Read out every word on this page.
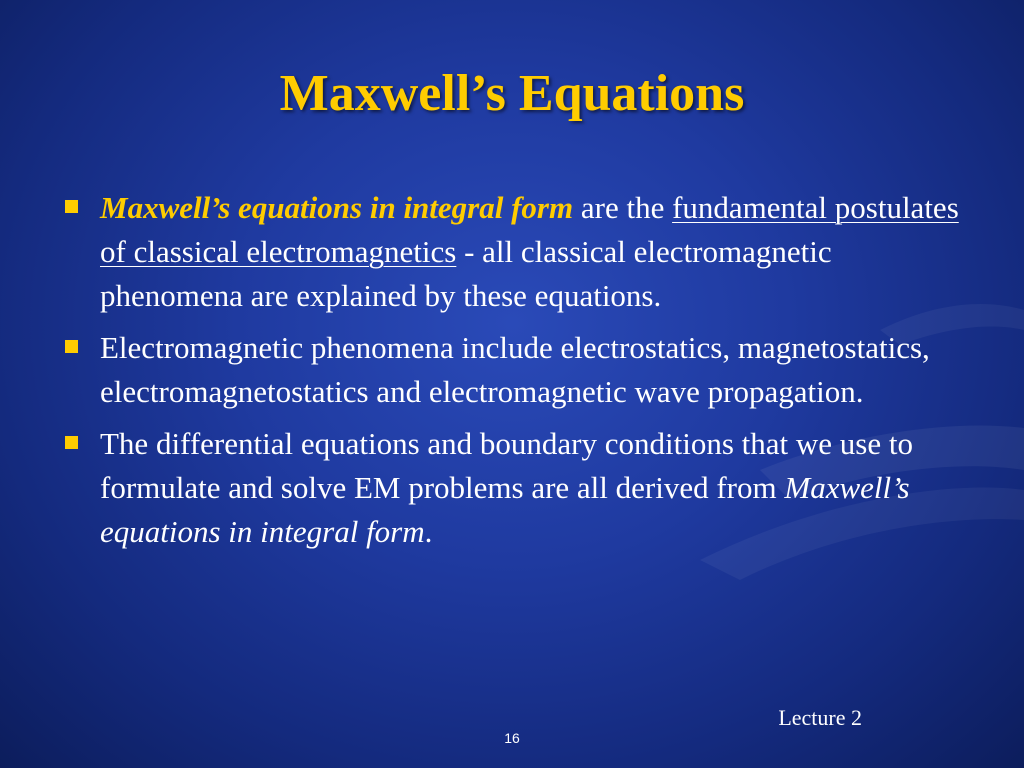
Maxwell’s Equations
Maxwell’s equations in integral form are the fundamental postulates of classical electromagnetics - all classical electromagnetic phenomena are explained by these equations.
Electromagnetic phenomena include electrostatics, magnetostatics, electromagnetostatics and electromagnetic wave propagation.
The differential equations and boundary conditions that we use to formulate and solve EM problems are all derived from Maxwell’s equations in integral form.
Lecture 2
16
